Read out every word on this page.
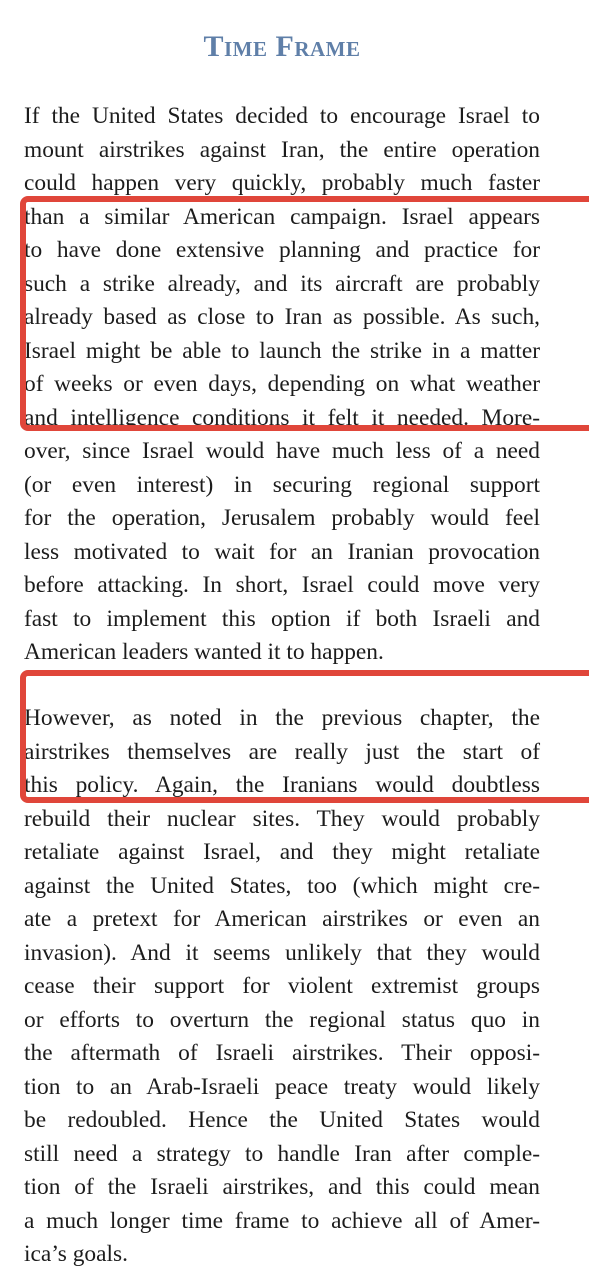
Time Frame
If the United States decided to encourage Israel to
mount airstrikes against Iran, the entire operation
could happen very quickly, probably much faster
than a similar American campaign. Israel appears
to have done extensive planning and practice for
such a strike already, and its aircraft are probably
already based as close to Iran as possible. As such,
Israel might be able to launch the strike in a matter
of weeks or even days, depending on what weather
and intelligence conditions it felt it needed. More-
over, since Israel would have much less of a need
(or even interest) in securing regional support
for the operation, Jerusalem probably would feel
less motivated to wait for an Iranian provocation
before attacking. In short, Israel could move very
fast to implement this option if both Israeli and
American leaders wanted it to happen.
However, as noted in the previous chapter, the
airstrikes themselves are really just the start of
this policy. Again, the Iranians would doubtless
rebuild their nuclear sites. They would probably
retaliate against Israel, and they might retaliate
against the United States, too (which might cre-
ate a pretext for American airstrikes or even an
invasion). And it seems unlikely that they would
cease their support for violent extremist groups
or efforts to overturn the regional status quo in
the aftermath of Israeli airstrikes. Their opposi-
tion to an Arab-Israeli peace treaty would likely
be redoubled. Hence the United States would
still need a strategy to handle Iran after comple-
tion of the Israeli airstrikes, and this could mean
a much longer time frame to achieve all of Amer-
ica’s goals.
